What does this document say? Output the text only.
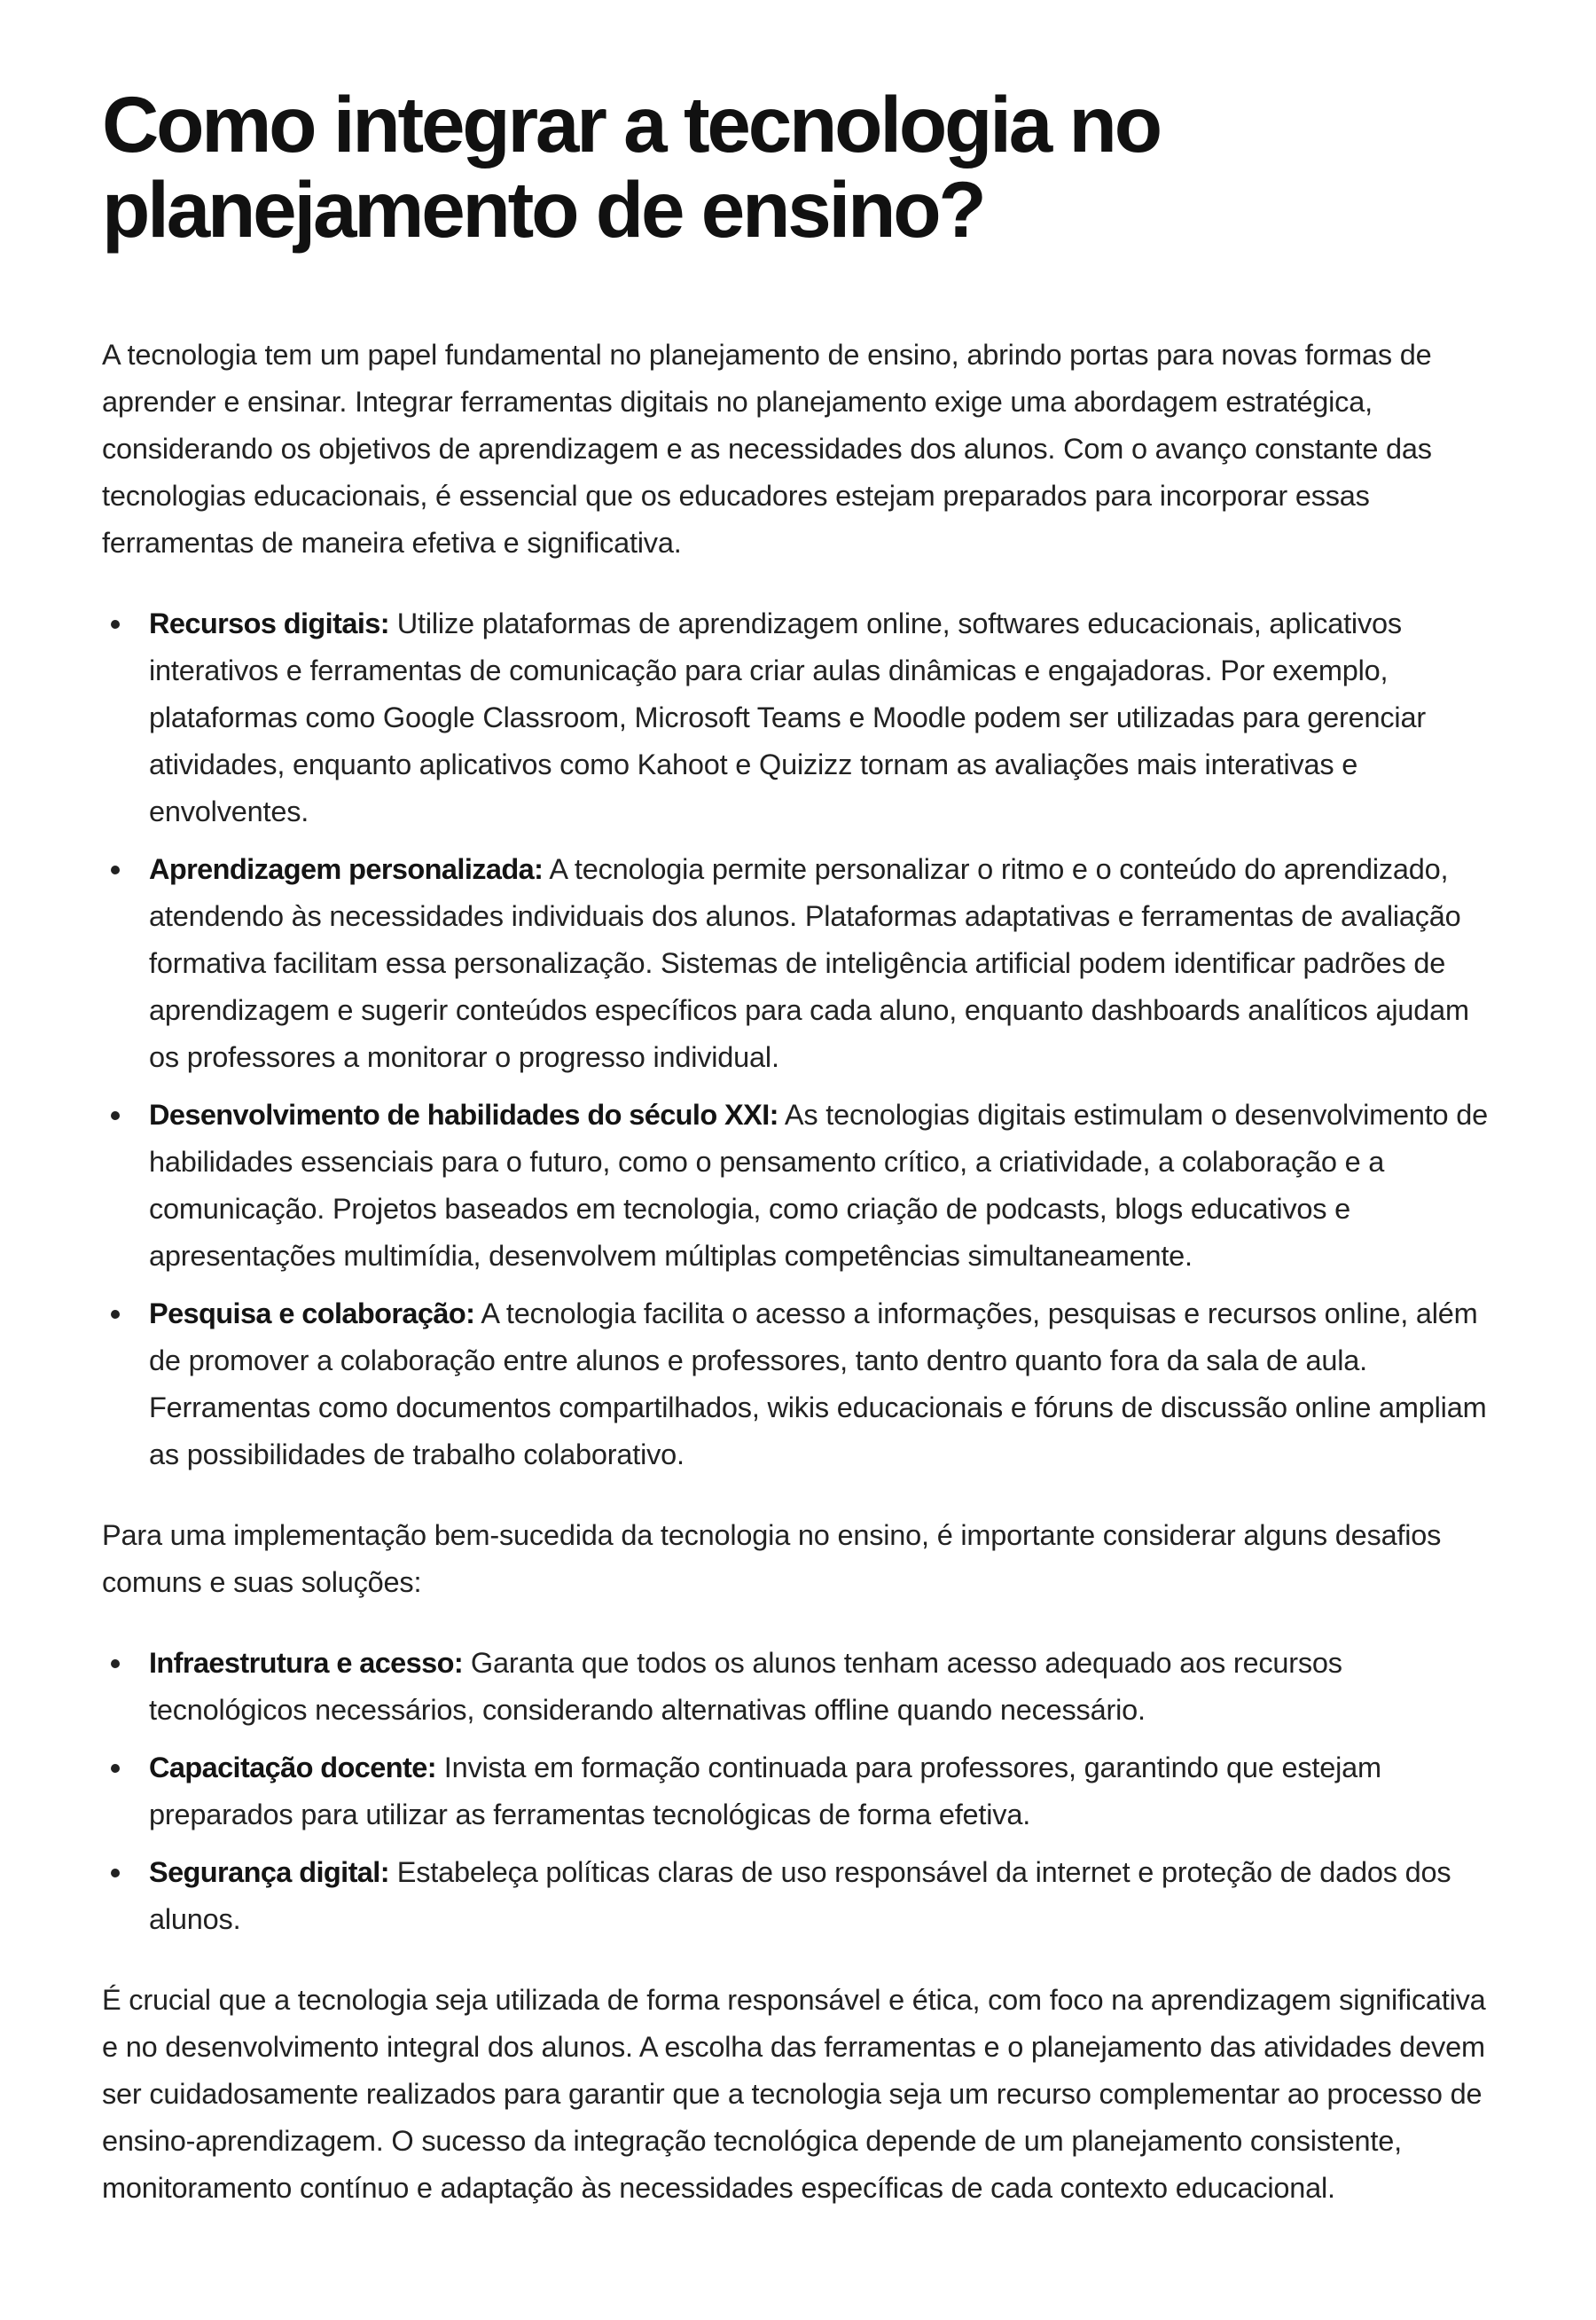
Como integrar a tecnologia no planejamento de ensino?

A tecnologia tem um papel fundamental no planejamento de ensino, abrindo portas para novas formas de aprender e ensinar. Integrar ferramentas digitais no planejamento exige uma abordagem estratégica, considerando os objetivos de aprendizagem e as necessidades dos alunos. Com o avanço constante das tecnologias educacionais, é essencial que os educadores estejam preparados para incorporar essas ferramentas de maneira efetiva e significativa.

Recursos digitais: Utilize plataformas de aprendizagem online, softwares educacionais, aplicativos interativos e ferramentas de comunicação para criar aulas dinâmicas e engajadoras. Por exemplo, plataformas como Google Classroom, Microsoft Teams e Moodle podem ser utilizadas para gerenciar atividades, enquanto aplicativos como Kahoot e Quizizz tornam as avaliações mais interativas e envolventes.
Aprendizagem personalizada: A tecnologia permite personalizar o ritmo e o conteúdo do aprendizado, atendendo às necessidades individuais dos alunos. Plataformas adaptativas e ferramentas de avaliação formativa facilitam essa personalização. Sistemas de inteligência artificial podem identificar padrões de aprendizagem e sugerir conteúdos específicos para cada aluno, enquanto dashboards analíticos ajudam os professores a monitorar o progresso individual.
Desenvolvimento de habilidades do século XXI: As tecnologias digitais estimulam o desenvolvimento de habilidades essenciais para o futuro, como o pensamento crítico, a criatividade, a colaboração e a comunicação. Projetos baseados em tecnologia, como criação de podcasts, blogs educativos e apresentações multimídia, desenvolvem múltiplas competências simultaneamente.
Pesquisa e colaboração: A tecnologia facilita o acesso a informações, pesquisas e recursos online, além de promover a colaboração entre alunos e professores, tanto dentro quanto fora da sala de aula. Ferramentas como documentos compartilhados, wikis educacionais e fóruns de discussão online ampliam as possibilidades de trabalho colaborativo.

Para uma implementação bem-sucedida da tecnologia no ensino, é importante considerar alguns desafios comuns e suas soluções:

Infraestrutura e acesso: Garanta que todos os alunos tenham acesso adequado aos recursos tecnológicos necessários, considerando alternativas offline quando necessário.
Capacitação docente: Invista em formação continuada para professores, garantindo que estejam preparados para utilizar as ferramentas tecnológicas de forma efetiva.
Segurança digital: Estabeleça políticas claras de uso responsável da internet e proteção de dados dos alunos.

É crucial que a tecnologia seja utilizada de forma responsável e ética, com foco na aprendizagem significativa e no desenvolvimento integral dos alunos. A escolha das ferramentas e o planejamento das atividades devem ser cuidadosamente realizados para garantir que a tecnologia seja um recurso complementar ao processo de ensino-aprendizagem. O sucesso da integração tecnológica depende de um planejamento consistente, monitoramento contínuo e adaptação às necessidades específicas de cada contexto educacional.
